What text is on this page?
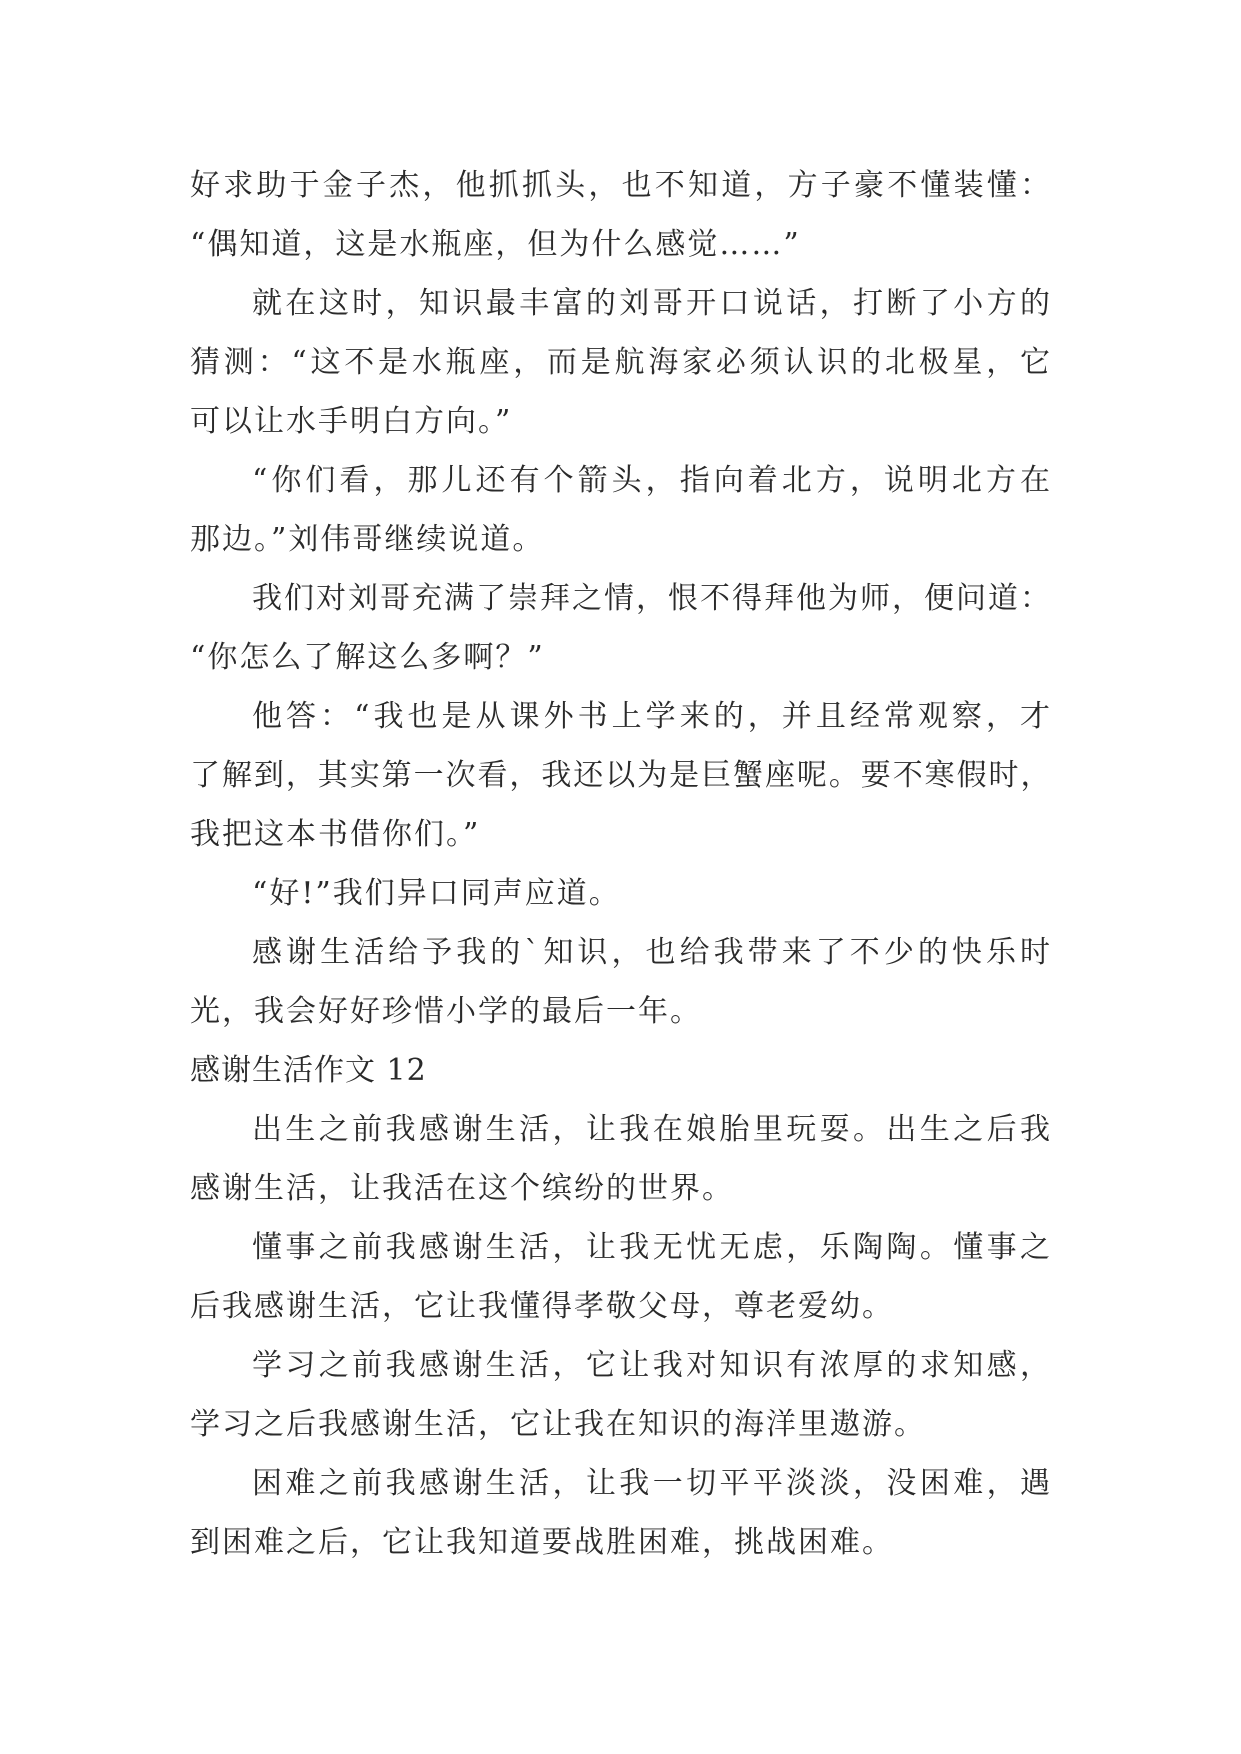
好求助于金子杰，他抓抓头，也不知道，方子豪不懂装懂：
“偶知道，这是水瓶座，但为什么感觉……”
就在这时，知识最丰富的刘哥开口说话，打断了小方的
猜测：“这不是水瓶座，而是航海家必须认识的北极星，它
可以让水手明白方向。”
“你们看，那儿还有个箭头，指向着北方，说明北方在
那边。”刘伟哥继续说道。
我们对刘哥充满了崇拜之情，恨不得拜他为师，便问道：
“你怎么了解这么多啊？”
他答：“我也是从课外书上学来的，并且经常观察，才
了解到，其实第一次看，我还以为是巨蟹座呢。要不寒假时，
我把这本书借你们。”
“好!”我们异口同声应道。
感谢生活给予我的`知识，也给我带来了不少的快乐时
光，我会好好珍惜小学的最后一年。
感谢生活作文 12
出生之前我感谢生活，让我在娘胎里玩耍。出生之后我
感谢生活，让我活在这个缤纷的世界。
懂事之前我感谢生活，让我无忧无虑，乐陶陶。懂事之
后我感谢生活，它让我懂得孝敬父母，尊老爱幼。
学习之前我感谢生活，它让我对知识有浓厚的求知感，
学习之后我感谢生活，它让我在知识的海洋里遨游。
困难之前我感谢生活，让我一切平平淡淡，没困难，遇
到困难之后，它让我知道要战胜困难，挑战困难。
